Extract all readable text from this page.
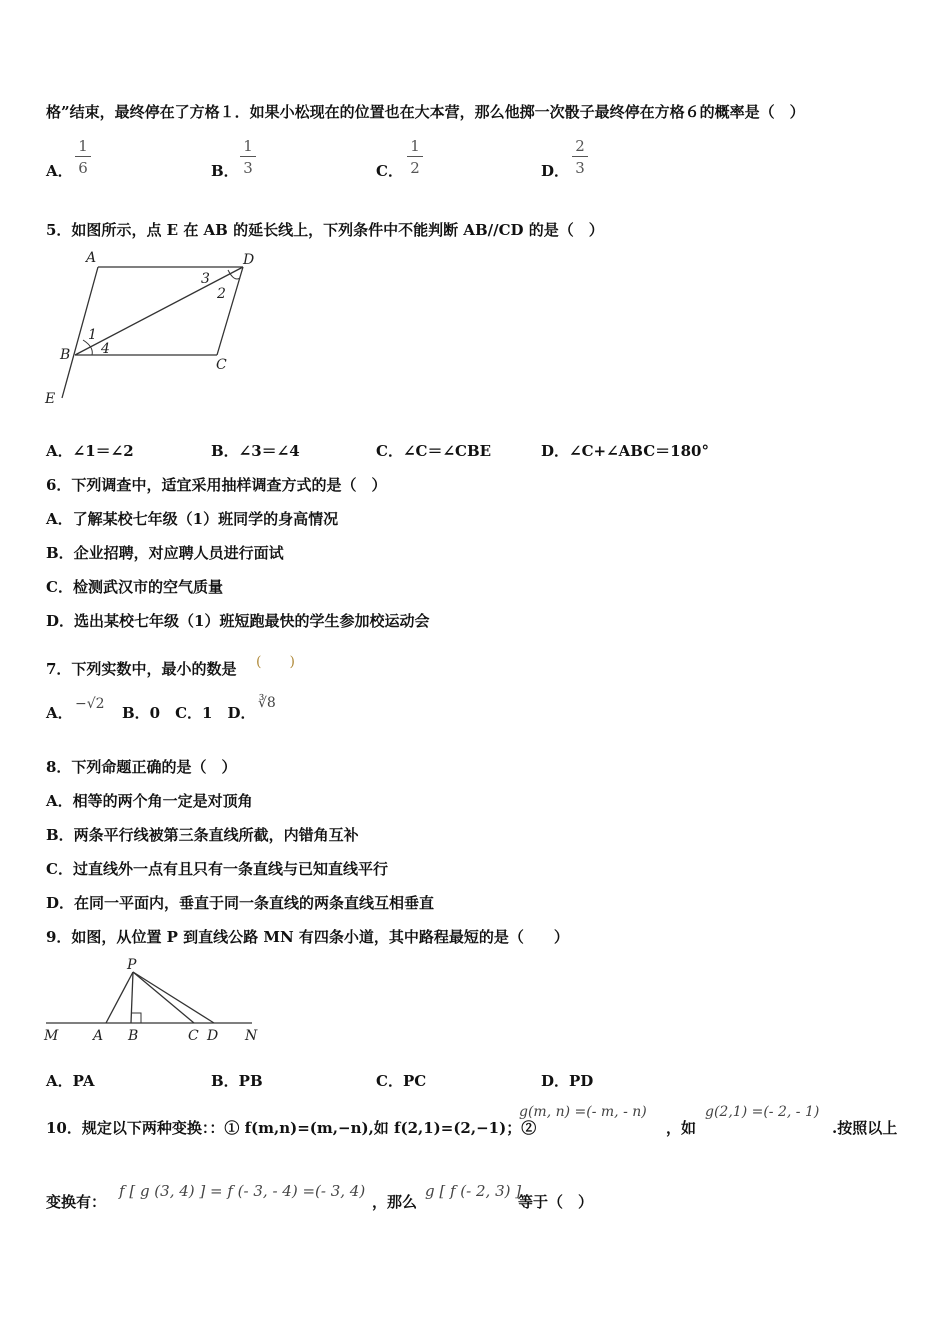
格”结束，最终停在了方格１．如果小松现在的位置也在大本营，那么他掷一次骰子最终停在方格６的概率是（　）
A．
1
6	B．
1
3	C．
1
2	D．
2
3
5．如图所示，点 E 在 AB 的延长线上，下列条件中不能判断 AB//CD 的是（　）
A	D
B
C
E
1
4
3
2
A．∠1＝∠2	B．∠3＝∠4	C．∠C＝∠CBE	D．∠C+∠ABC＝180°
6．下列调查中，适宜采用抽样调查方式的是（　）
A．了解某校七年级（1）班同学的身高情况
B．企业招聘，对应聘人员进行面试
C．检测武汉市的空气质量
D．选出某校七年级（1）班短跑最快的学生参加校运动会
7．下列实数中，最小的数是 (　　)
A． −√2 B．0　C．1　D．
∛8
8．下列命题正确的是（　）
A．相等的两个角一定是对顶角
B．两条平行线被第三条直线所截，内错角互补
C．过直线外一点有且只有一条直线与已知直线平行
D．在同一平面内，垂直于同一条直线的两条直线互相垂直
9．如图，从位置 P 到直线公路 MN 有四条小道，其中路程最短的是（　　）
P
M A B	C D N
A．PA	B．PB	C．PC	D．PD
10．规定以下两种变换：：① f(m,n)=(m,−n),如 f(2,1)=(2,−1)；②
g(m, n) =(- m, - n)
，如
g(2,1) =(- 2, - 1)
.按照以上
变换有：
f [ g (3, 4) ] = f (- 3, - 4) =(- 3, 4)
，那么
g [ f (- 2, 3) ]
等于（　）
